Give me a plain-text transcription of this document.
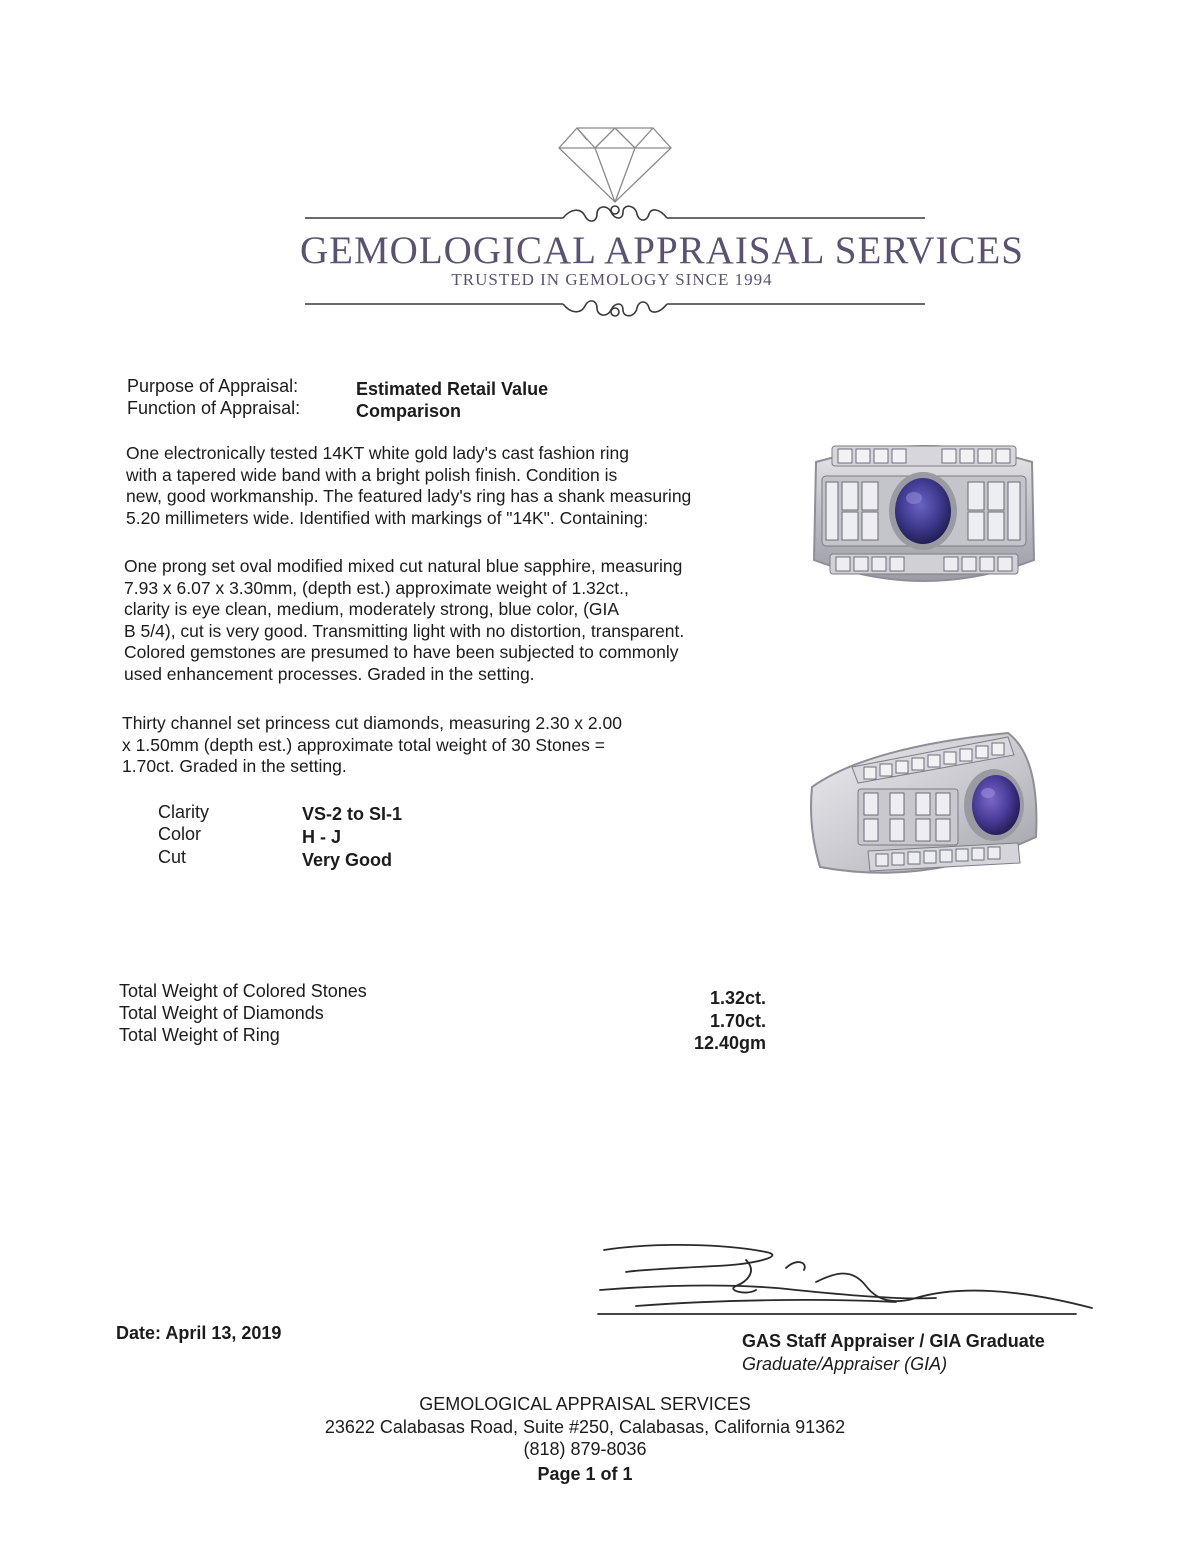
GEMOLOGICAL APPRAISAL SERVICES
TRUSTED IN GEMOLOGY SINCE 1994
Purpose of Appraisal:	Estimated Retail Value
Function of Appraisal:	Comparison
One electronically tested 14KT white gold lady's cast fashion ring
with a tapered wide band with a bright polish finish. Condition is
new, good workmanship. The featured lady's ring has a shank measuring
5.20 millimeters wide. Identified with markings of "14K". Containing:
One prong set oval modified mixed cut natural blue sapphire, measuring
7.93 x 6.07 x 3.30mm, (depth est.) approximate weight of 1.32ct.,
clarity is eye clean, medium, moderately strong, blue color, (GIA
B 5/4), cut is very good. Transmitting light with no distortion, transparent.
Colored gemstones are presumed to have been subjected to commonly
used enhancement processes. Graded in the setting.
Thirty channel set princess cut diamonds, measuring 2.30 x 2.00
x 1.50mm (depth est.) approximate total weight of 30 Stones =
1.70ct. Graded in the setting.
Clarity	VS-2 to SI-1
Color	H - J
Cut	Very Good
Total Weight of Colored Stones	1.32ct.
Total Weight of Diamonds	1.70ct.
Total Weight of Ring	12.40gm
Date: April 13, 2019	GAS Staff Appraiser / GIA Graduate
Graduate/Appraiser (GIA)
GEMOLOGICAL APPRAISAL SERVICES
23622 Calabasas Road, Suite #250, Calabasas, California 91362
(818) 879-8036
Page 1 of 1
